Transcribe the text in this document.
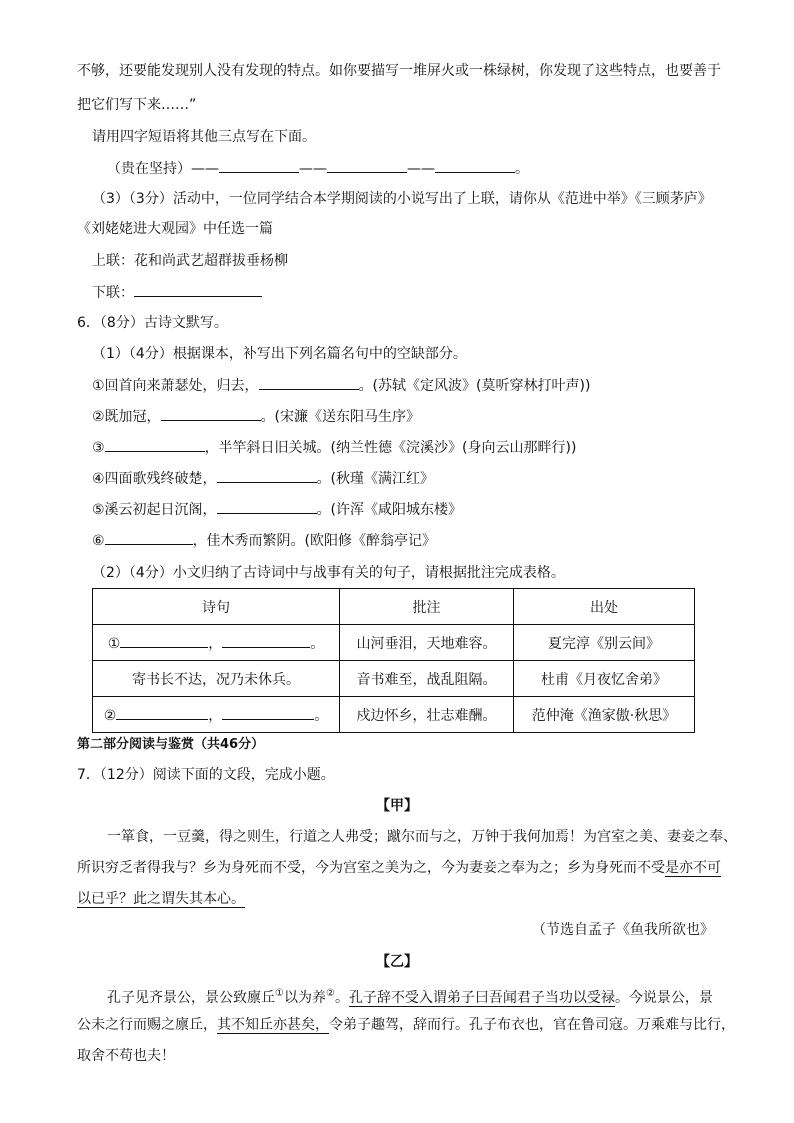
不够，还要能发现别人没有发现的特点。如你要描写一堆屏火或一株绿树，你发现了这些特点，也要善于
把它们写下来……”
请用四字短语将其他三点写在下面。
（贵在坚持）——	——	——	。
（3）（3分）活动中，一位同学结合本学期阅读的小说写出了上联，请你从《范进中举》《三顾茅庐》
《刘姥姥进大观园》中任选一篇
上联：花和尚武艺超群拔垂杨柳
下联：
6．（8分）古诗文默写。
（1）（4分）根据课本，补写出下列名篇名句中的空缺部分。
①回首向来萧瑟处，归去，	。(苏轼《定风波》(莫听穿林打叶声))
②既加冠，	。(宋濂《送东阳马生序》
③	，半竿斜日旧关城。(纳兰性德《浣溪沙》(身向云山那畔行))
④四面歌残终破楚，	。(秋瑾《满江红》
⑤溪云初起日沉阁，	。(许浑《咸阳城东楼》
⑥	，佳木秀而繁阴。(欧阳修《醉翁亭记》
（2）（4分）小文归纳了古诗词中与战事有关的句子，请根据批注完成表格。
诗句	批注	出处
① ， 。	山河垂泪，天地难容。	夏完淳《别云间》
寄书长不达，况乃未休兵。	音书难至，战乱阻隔。	杜甫《月夜忆舍弟》
② ， 。	戍边怀乡，壮志难酬。	范仲淹《渔家傲·秋思》
第二部分阅读与鉴赏（共46分）
7．（12分）阅读下面的文段，完成小题。
【甲】
一箪食，一豆羹，得之则生，行道之人弗受；蹴尔而与之，万钟于我何加焉！为宫室之美、妻妾之奉、
所识穷乏者得我与？乡为身死而不受，今为宫室之美为之，今为妻妾之奉为之；乡为身死而不受是亦不可
以已乎？此之谓失其本心。
（节选自孟子《鱼我所欲也》
【乙】
孔子见齐景公，景公致廪丘①以为养②。孔子辞不受入谓弟子曰吾闻君子当功以受禄。今说景公，景
公未之行而赐之廪丘，其不知丘亦甚矣，令弟子趣驾，辞而行。孔子布衣也，官在鲁司寇。万乘难与比行，
取舍不苟也夫！
